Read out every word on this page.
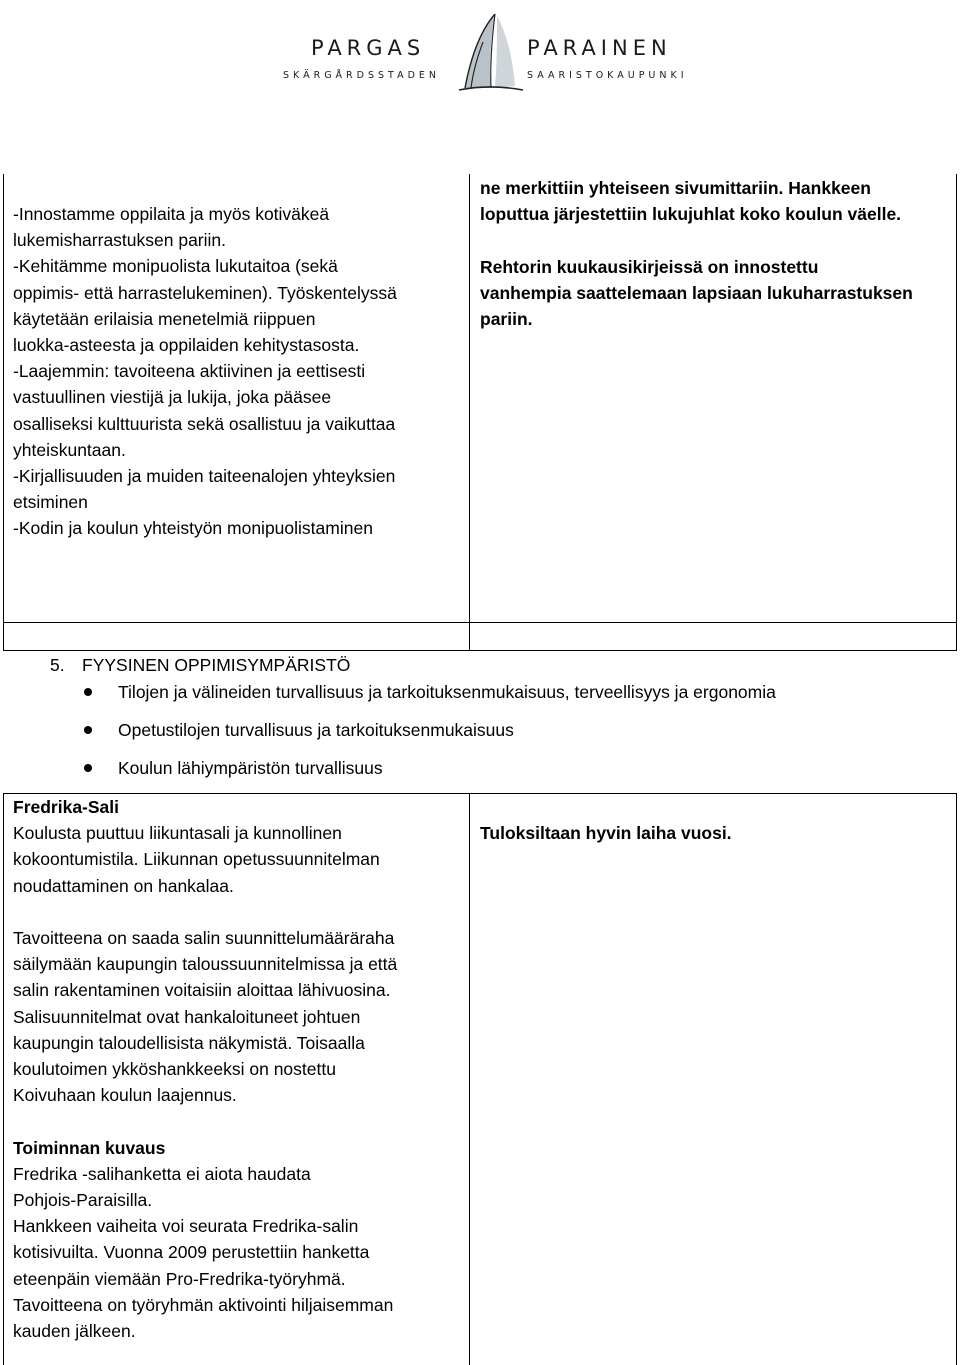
PARGAS
SKÄRGÅRDSSTADEN
PARAINEN
SAARISTOKAUPUNKI

-Innostamme oppilaita ja myös kotiväkeä

lukemisharrastuksen pariin.

-Kehitämme monipuolista lukutaitoa (sekä

oppimis- että harrastelukeminen). Työskentelyssä

käytetään erilaisia menetelmiä riippuen

luokka-asteesta ja oppilaiden kehitystasosta.

-Laajemmin: tavoiteena aktiivinen ja eettisesti

vastuullinen viestijä ja lukija, joka pääsee

osalliseksi kulttuurista sekä osallistuu ja vaikuttaa

yhteiskuntaan.

-Kirjallisuuden ja muiden taiteenalojen yhteyksien

etsiminen

-Kodin ja koulun yhteistyön monipuolistaminen

ne merkittiin yhteiseen sivumittariin. Hankkeen

loputtua järjestettiin lukujuhlat koko koulun väelle.

Rehtorin kuukausikirjeissä on innostettu

vanhempia saattelemaan lapsiaan lukuharrastuksen

pariin.

5. FYYSINEN OPPIMISYMPÄRISTÖ
Tilojen ja välineiden turvallisuus ja tarkoituksenmukaisuus, terveellisyys ja ergonomia
Opetustilojen turvallisuus ja tarkoituksenmukaisuus
Koulun lähiympäristön turvallisuus

Fredrika-Sali

Koulusta puuttuu liikuntasali ja kunnollinen

kokoontumistila. Liikunnan opetussuunnitelman

noudattaminen on hankalaa.

Tavoitteena on saada salin suunnittelumääräraha

säilymään kaupungin taloussuunnitelmissa ja että

salin rakentaminen voitaisiin aloittaa lähivuosina.

Salisuunnitelmat ovat hankaloituneet johtuen

kaupungin taloudellisista näkymistä. Toisaalla

koulutoimen ykköshankkeeksi on nostettu

Koivuhaan koulun laajennus.

Toiminnan kuvaus

Fredrika -salihanketta ei aiota haudata

Pohjois-Paraisilla.

Hankkeen vaiheita voi seurata Fredrika-salin

kotisivuilta. Vuonna 2009 perustettiin hanketta

eteenpäin viemään Pro-Fredrika-työryhmä.

Tavoitteena on työryhmän aktivointi hiljaisemman

kauden jälkeen.

Tuloksiltaan hyvin laiha vuosi.
